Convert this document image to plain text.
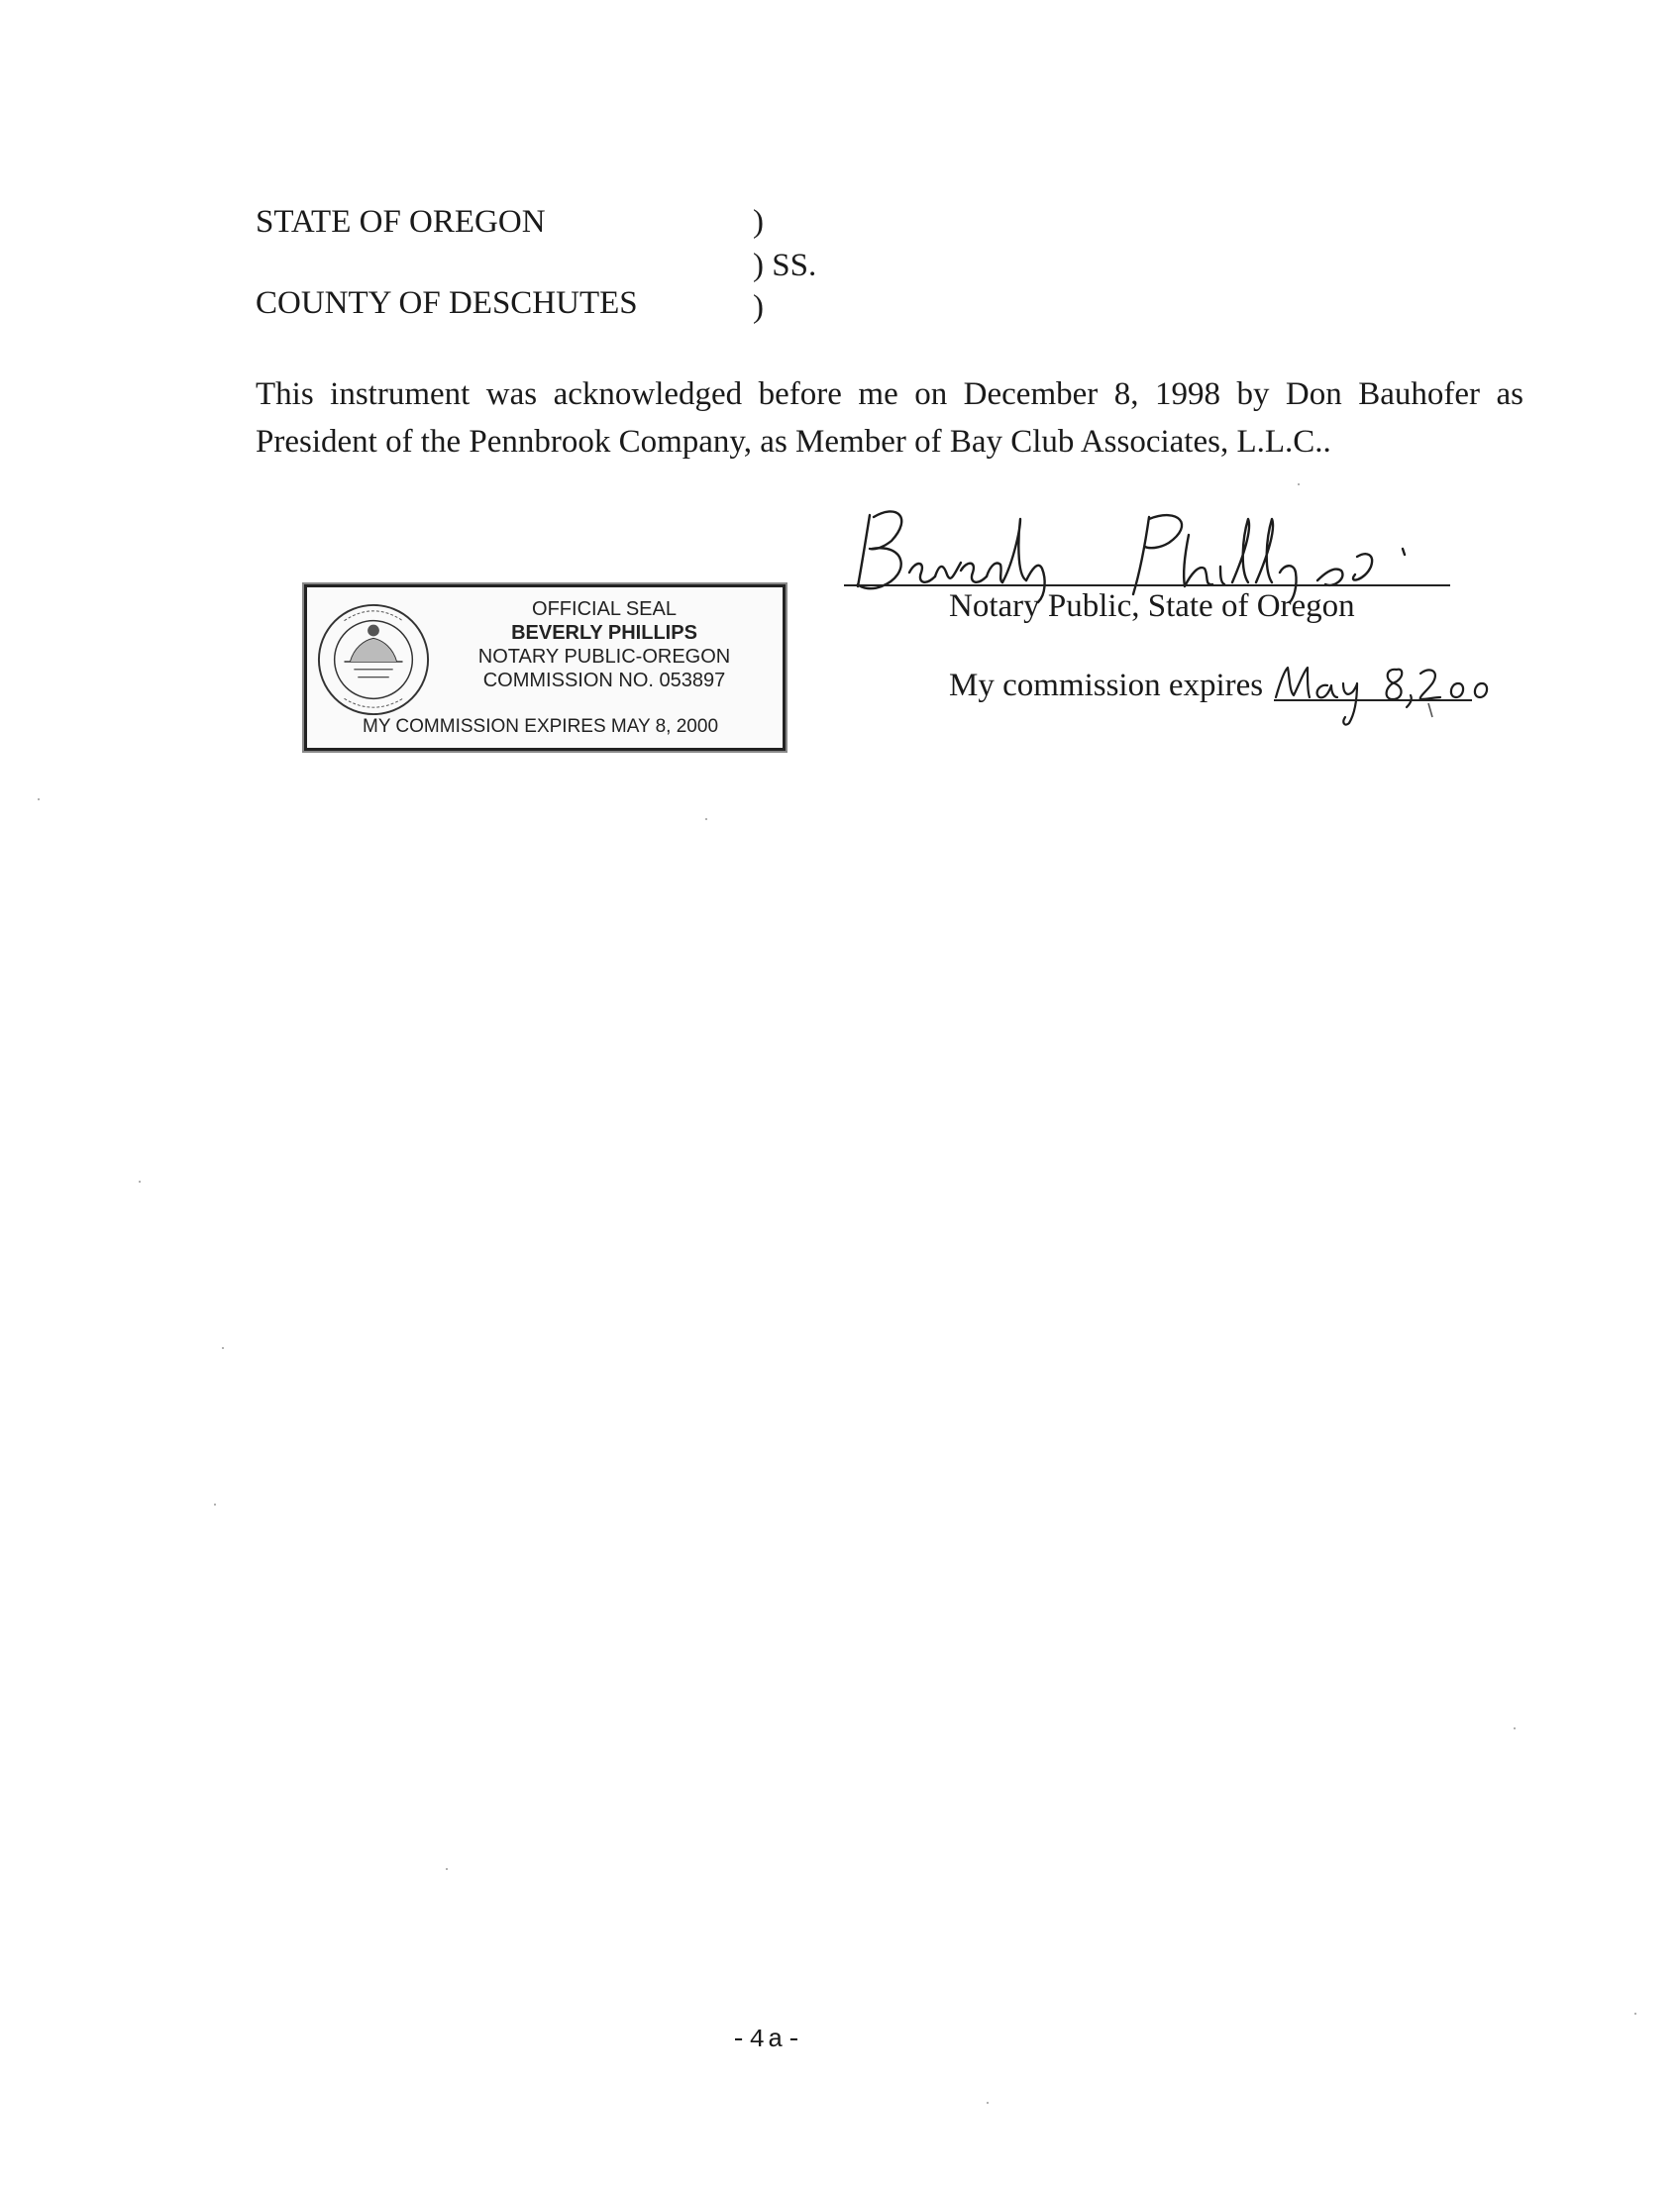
STATE OF OREGON	)
) SS.
COUNTY OF DESCHUTES	)
This instrument was acknowledged before me on December 8, 1998 by Don Bauhofer as
President of the Pennbrook Company, as Member of Bay Club Associates, L.L.C..
Notary Public, State of Oregon
My commission expires
OFFICIAL SEAL
BEVERLY PHILLIPS
NOTARY PUBLIC-OREGON
COMMISSION NO. 053897
MY COMMISSION EXPIRES MAY 8, 2000
-4a-
